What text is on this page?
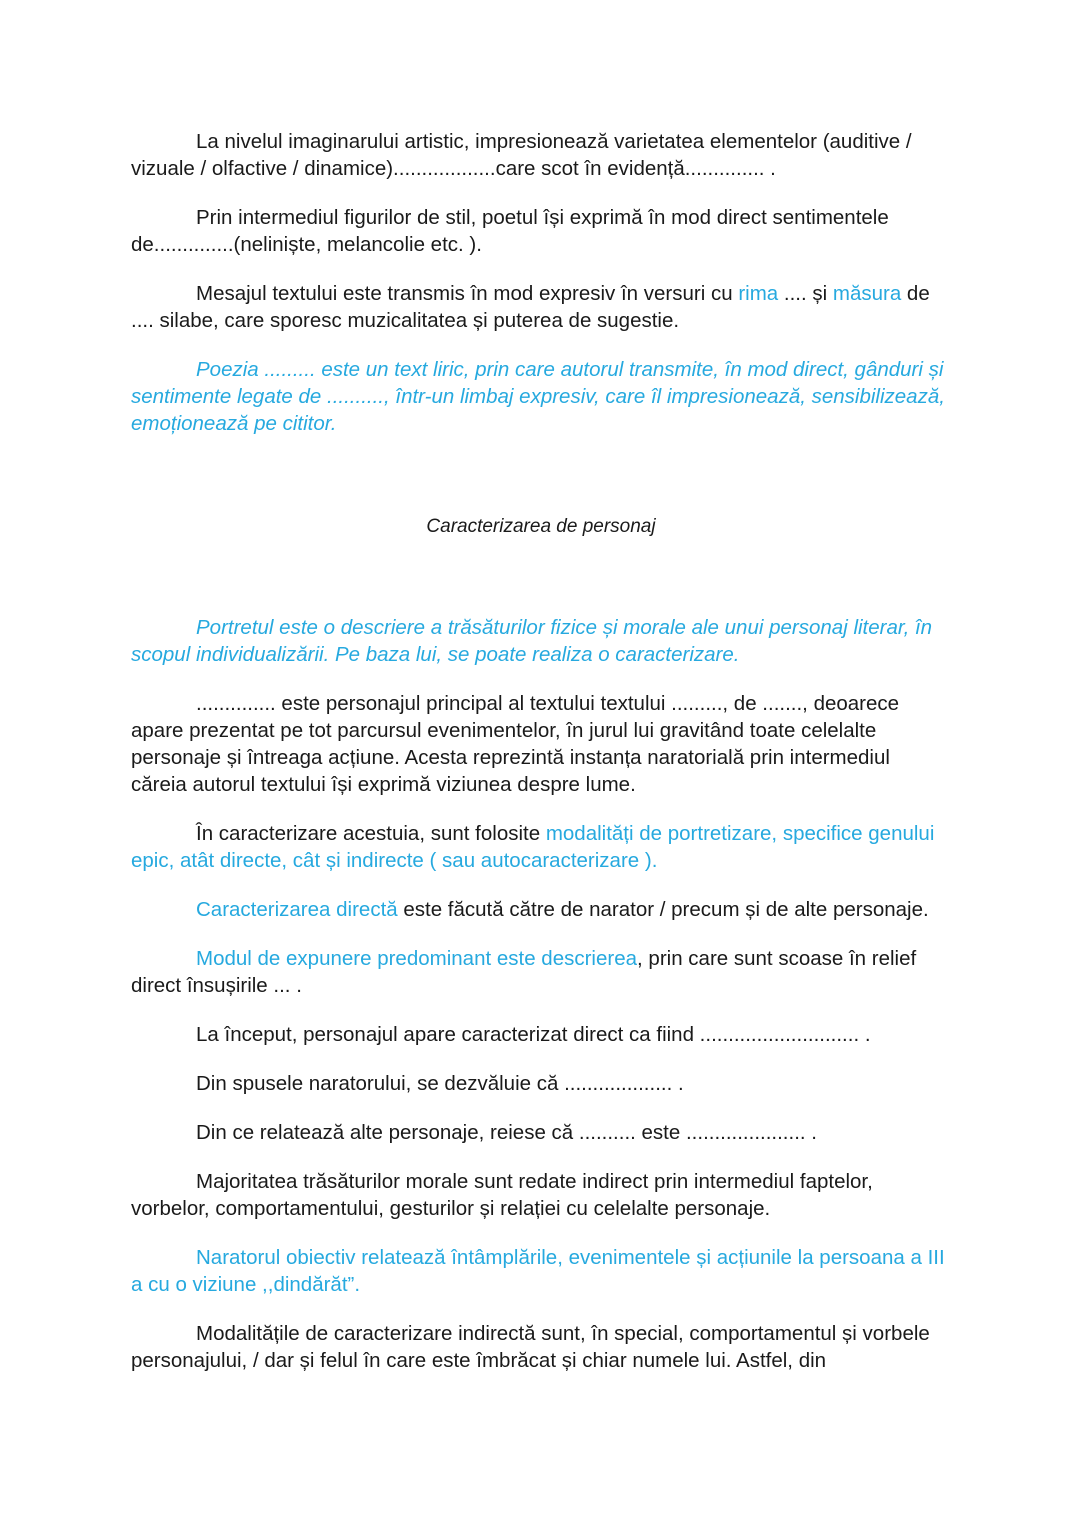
La nivelul imaginarului artistic, impresionează varietatea elementelor (auditive / vizuale / olfactive / dinamice)..................care scot în evidență.............. .

Prin intermediul figurilor de stil, poetul își exprimă în mod direct sentimentele de..............(neliniște, melancolie etc. ).

Mesajul textului este transmis în mod expresiv în versuri cu rima .... și măsura de .... silabe, care sporesc muzicalitatea și puterea de sugestie.

Poezia ......... este un text liric, prin care autorul transmite, în mod direct, gânduri și sentimente legate de .........., într-un limbaj expresiv, care îl impresionează, sensibilizează, emoționează pe cititor.

Caracterizarea de personaj

Portretul este o descriere a trăsăturilor fizice și morale ale unui personaj literar, în scopul individualizării. Pe baza lui, se poate realiza o caracterizare.

.............. este personajul principal al textului textului ........., de ......., deoarece apare prezentat pe tot parcursul evenimentelor, în jurul lui gravitând toate celelalte personaje și întreaga acțiune. Acesta reprezintă instanța naratorială prin intermediul căreia autorul textului își exprimă viziunea despre lume.

În caracterizare acestuia, sunt folosite modalități de portretizare, specifice genului epic, atât directe, cât și indirecte ( sau autocaracterizare ).

Caracterizarea directă este făcută către de narator / precum și de alte personaje.

Modul de expunere predominant este descrierea, prin care sunt scoase în relief direct însușirile ... .

La început, personajul apare caracterizat direct ca fiind ............................ .

Din spusele naratorului, se dezvăluie că ................... .

Din ce relatează alte personaje, reiese că .......... este ..................... .

Majoritatea trăsăturilor morale sunt redate indirect prin intermediul faptelor, vorbelor, comportamentului, gesturilor și relației cu celelalte personaje.

Naratorul obiectiv relatează întâmplările, evenimentele și acțiunile la persoana a III a cu o viziune ,,dindărăt”.

Modalitățile de caracterizare indirectă sunt, în special, comportamentul și vorbele personajului, / dar și felul în care este îmbrăcat și chiar numele lui. Astfel, din
